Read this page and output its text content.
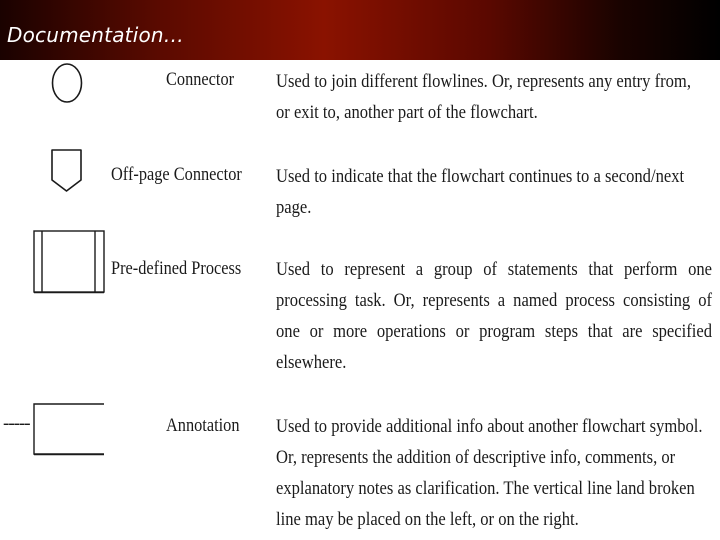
Documentation…
Connector Used to join different flowlines. Or, represents any entry from,
or exit to, another part of the flowchart.
Off-page Connector Used to indicate that the flowchart continues to a second/next
page.
Pre-defined Process Used to represent a group of statements that perform one
processing task. Or, represents a named process consisting of
one or more operations or program steps that are specified
elsewhere.
-----	Annotation Used to provide additional info about another flowchart symbol.
Or, represents the addition of descriptive info, comments, or
explanatory notes as clarification. The vertical line land broken
line may be placed on the left, or on the right.
